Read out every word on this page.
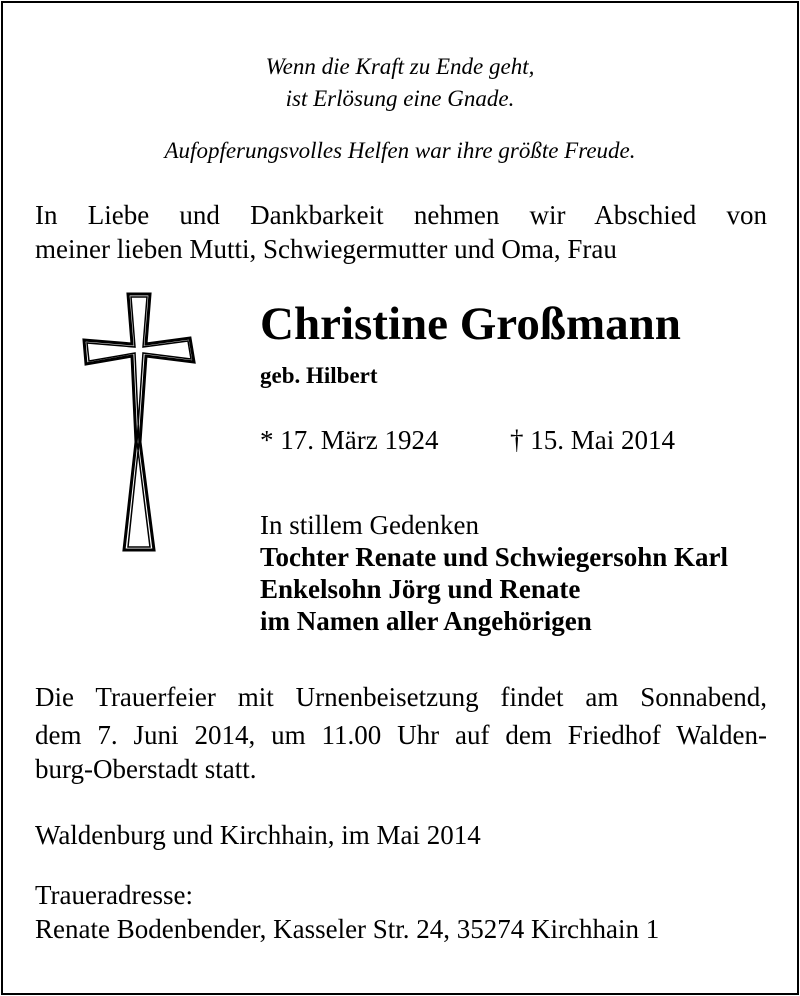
Wenn die Kraft zu Ende geht,
ist Erlösung eine Gnade.
Aufopferungsvolles Helfen war ihre größte Freude.
In Liebe und Dankbarkeit nehmen wir Abschied von
meiner lieben Mutti, Schwiegermutter und Oma, Frau
Christine Großmann
geb. Hilbert
* 17. März 1924	† 15. Mai 2014
In stillem Gedenken
Tochter Renate und Schwiegersohn Karl
Enkelsohn Jörg und Renate
im Namen aller Angehörigen
Die Trauerfeier mit Urnenbeisetzung findet am Sonnabend,
dem 7. Juni 2014, um 11.00 Uhr auf dem Friedhof Walden-
burg-Oberstadt statt.
Waldenburg und Kirchhain, im Mai 2014
Traueradresse:
Renate Bodenbender, Kasseler Str. 24, 35274 Kirchhain 1
